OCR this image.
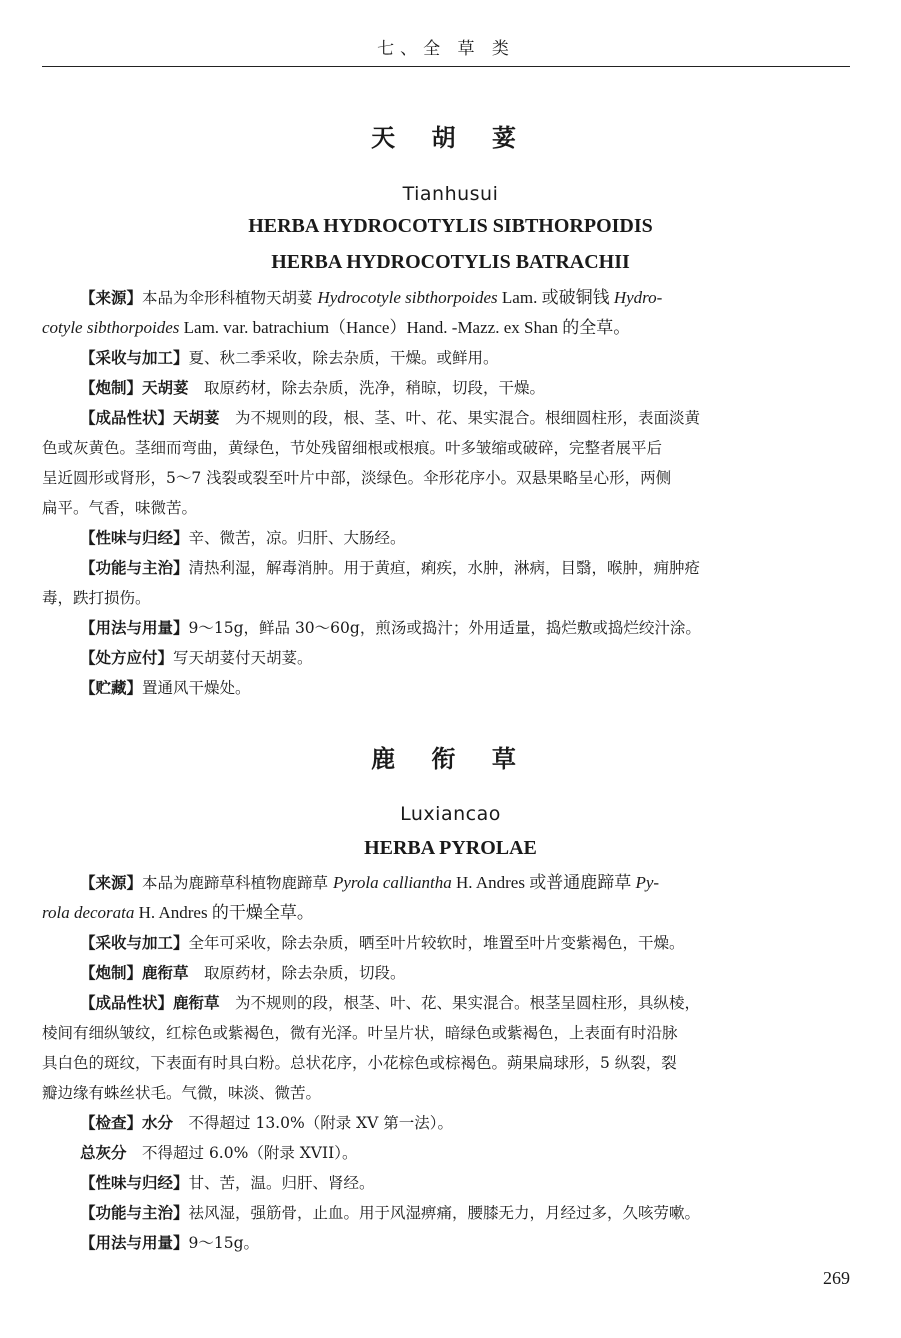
七、全 草 类
天 胡 荽
Tianhusui
HERBA HYDROCOTYLIS SIBTHORPOIDIS
HERBA HYDROCOTYLIS BATRACHII

【来源】本品为伞形科植物天胡荽 Hydrocotyle sibthorpoides Lam. 或破铜钱 Hydro-

cotyle sibthorpoides Lam. var. batrachium（Hance）Hand. -Mazz. ex Shan 的全草。

【采收与加工】夏、秋二季采收，除去杂质，干燥。或鲜用。

【炮制】天胡荽　取原药材，除去杂质，洗净，稍晾，切段，干燥。

【成品性状】天胡荽　为不规则的段，根、茎、叶、花、果实混合。根细圆柱形，表面淡黄

色或灰黄色。茎细而弯曲，黄绿色，节处残留细根或根痕。叶多皱缩或破碎，完整者展平后

呈近圆形或肾形，5～7 浅裂或裂至叶片中部，淡绿色。伞形花序小。双悬果略呈心形，两侧

扁平。气香，味微苦。

【性味与归经】辛、微苦，凉。归肝、大肠经。

【功能与主治】清热利湿，解毒消肿。用于黄疸，痢疾，水肿，淋病，目翳，喉肿，痈肿疮

毒，跌打损伤。

【用法与用量】9～15g，鲜品 30～60g，煎汤或捣汁；外用适量，捣烂敷或捣烂绞汁涂。

【处方应付】写天胡荽付天胡荽。

【贮藏】置通风干燥处。

鹿 衔 草
Luxiancao
HERBA PYROLAE

【来源】本品为鹿蹄草科植物鹿蹄草 Pyrola calliantha H. Andres 或普通鹿蹄草 Py-

rola decorata H. Andres 的干燥全草。

【采收与加工】全年可采收，除去杂质，晒至叶片较软时，堆置至叶片变紫褐色，干燥。

【炮制】鹿衔草　取原药材，除去杂质，切段。

【成品性状】鹿衔草　为不规则的段，根茎、叶、花、果实混合。根茎呈圆柱形，具纵棱，

棱间有细纵皱纹，红棕色或紫褐色，微有光泽。叶呈片状，暗绿色或紫褐色，上表面有时沿脉

具白色的斑纹，下表面有时具白粉。总状花序，小花棕色或棕褐色。蒴果扁球形，5 纵裂，裂

瓣边缘有蛛丝状毛。气微，味淡、微苦。

【检查】水分　不得超过 13.0%（附录 XV 第一法）。

总灰分　不得超过 6.0%（附录 XVII）。

【性味与归经】甘、苦，温。归肝、肾经。

【功能与主治】祛风湿，强筋骨，止血。用于风湿痹痛，腰膝无力，月经过多，久咳劳嗽。

【用法与用量】9～15g。

269
